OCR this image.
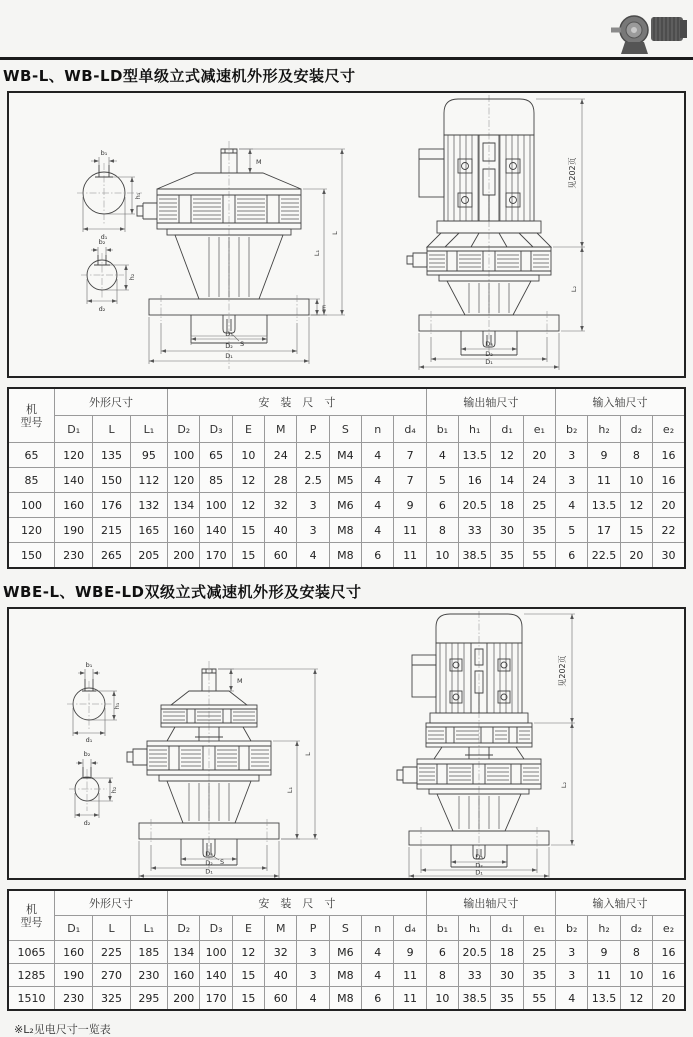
WB-L、WB-LD型单级立式减速机外形及安装尺寸
b₁
h₁
d₁
b₂
h₂
d₂
S
M
E
D₃
D₂
D₁
L₁
L
D₃
D₂
D₁
见202页
L₂
机
型号	外形尺寸			安　装　尺　寸								输出轴尺寸				输入轴尺寸			
	D₁	L	L₁	D₂	D₃	E	M	P	S	n	d₄	b₁	h₁	d₁	e₁	b₂	h₂	d₂	e₂
65	120	135	95	100	65	10	24	2.5	M4	4	7	4	13.5	12	20	3	9	8	16
85	140	150	112	120	85	12	28	2.5	M5	4	7	5	16	14	24	3	11	10	16
100	160	176	132	134	100	12	32	3	M6	4	9	6	20.5	18	25	4	13.5	12	20
120	190	215	165	160	140	15	40	3	M8	4	11	8	33	30	35	5	17	15	22
150	230	265	205	200	170	15	60	4	M8	6	11	10	38.5	35	55	6	22.5	20	30
WBE-L、WBE-LD双级立式减速机外形及安装尺寸
b₁
h₁
d₁
b₂
h₂
d₂
M
S
D₃
D₂
D₁
L₁
L
D₃
D₂
D₁
见202页
L₂
机
型号	外形尺寸			安　装　尺　寸								输出轴尺寸				输入轴尺寸			
	D₁	L	L₁	D₂	D₃	E	M	P	S	n	d₄	b₁	h₁	d₁	e₁	b₂	h₂	d₂	e₂
1065	160	225	185	134	100	12	32	3	M6	4	9	6	20.5	18	25	3	9	8	16
1285	190	270	230	160	140	15	40	3	M8	4	11	8	33	30	35	3	11	10	16
1510	230	325	295	200	170	15	60	4	M8	6	11	10	38.5	35	55	4	13.5	12	20
※L₂见电尺寸一览表
